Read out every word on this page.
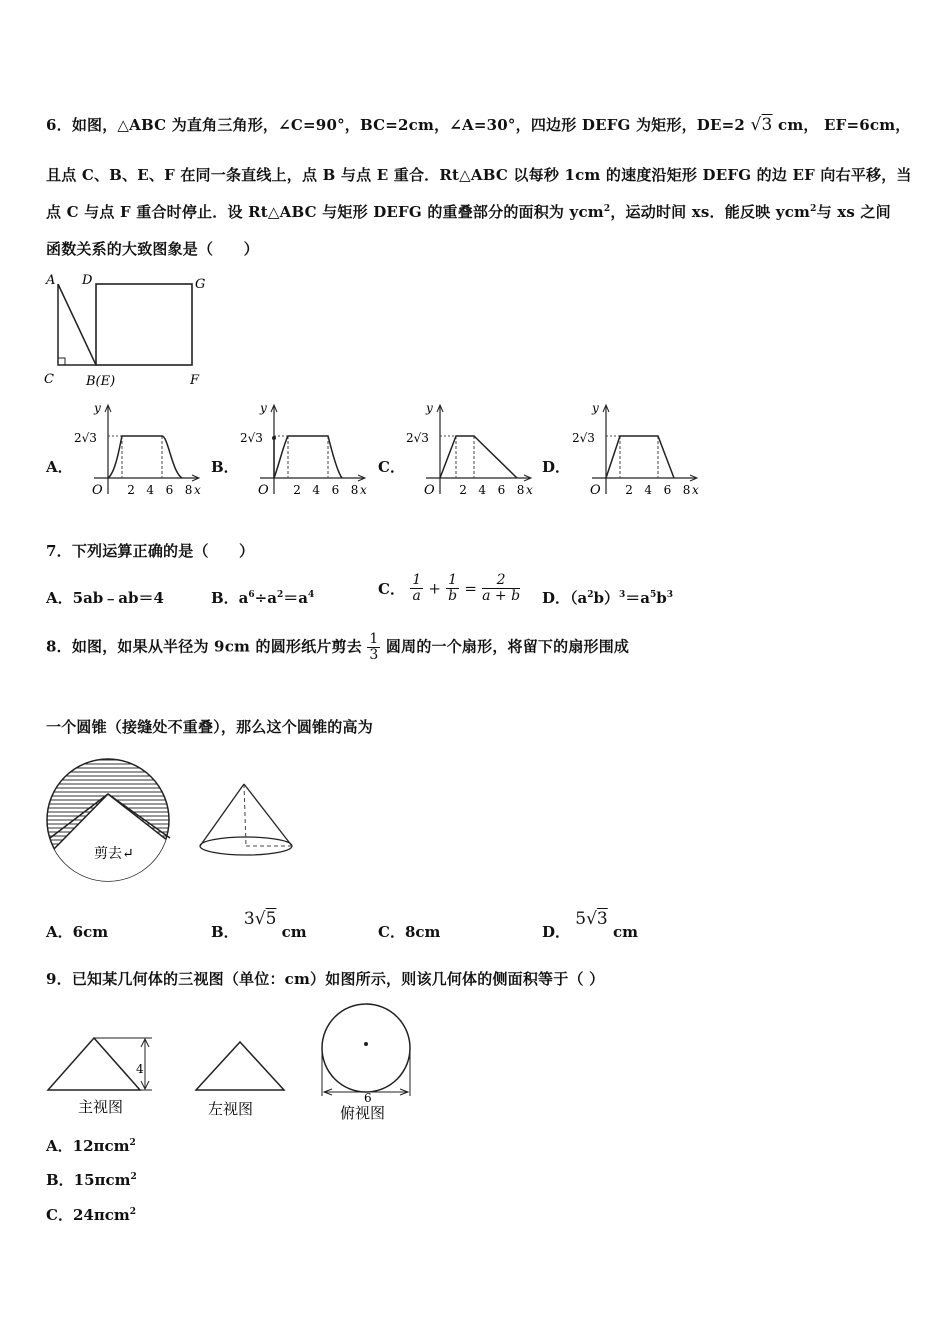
6．如图，△ABC 为直角三角形，∠C=90°，BC=2cm，∠A=30°，四边形 DEFG 为矩形，DE=2 √3 cm， EF=6cm，
且点 C、B、E、F 在同一条直线上，点 B 与点 E 重合．Rt△ABC 以每秒 1cm 的速度沿矩形 DEFG 的边 EF 向右平移，当
点 C 与点 F 重合时停止．设 Rt△ABC 与矩形 DEFG 的重叠部分的面积为 ycm$^2$，运动时间 xs．能反映 ycm$^2$与 xs 之间
函数关系的大致图象是（　　）
A D	G
C B(E)	F
A．	B．	C．	D．
y
x
O
2√3
2 4 6 8
y
x
O
2√3
2 4 6 8
y
x
O
2√3
2 4 6 8
y
x
O
2√3
2 4 6 8
7．下列运算正确的是（　　）
A．5ab﹣ab＝4	B．$a^6\div a^2=a^4$	C． $\frac{1}{a} + \frac{1}{b} = \frac{2}{a + b}$ D．$(a^2b)^3=a^5b^3$
8．如图，如果从半径为 9cm 的圆形纸片剪去 $\frac{1}{3}$ 圆周的一个扇形，将留下的扇形围成
一个圆锥（接缝处不重叠），那么这个圆锥的高为
剪去↵
A．6cm	B． 3√5 cm	C．8cm	D． 5√3 cm
9．已知某几何体的三视图（单位：cm）如图所示，则该几何体的侧面积等于（ ）
4
主视图	左视图
6
俯视图
A．12πcm$^2$
B．15πcm$^2$
C．24πcm$^2$
